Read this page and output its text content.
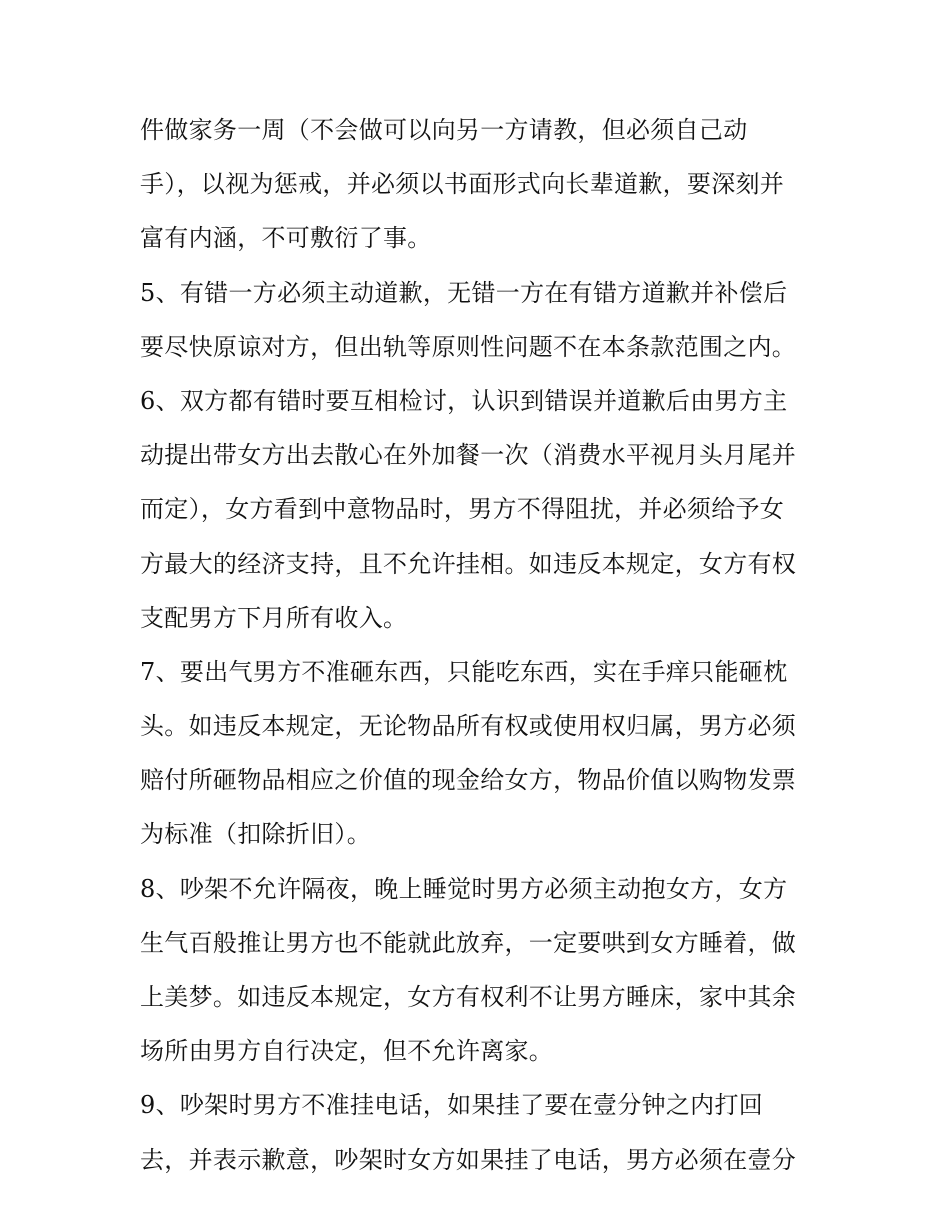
件做家务一周（不会做可以向另一方请教，但必须自己动
手），以视为惩戒，并必须以书面形式向长辈道歉，要深刻并
富有内涵，不可敷衍了事。
5、有错一方必须主动道歉，无错一方在有错方道歉并补偿后
要尽快原谅对方，但出轨等原则性问题不在本条款范围之内。
6、双方都有错时要互相检讨，认识到错误并道歉后由男方主
动提出带女方出去散心在外加餐一次（消费水平视月头月尾并
而定），女方看到中意物品时，男方不得阻扰，并必须给予女
方最大的经济支持，且不允许挂相。如违反本规定，女方有权
支配男方下月所有收入。
7、要出气男方不准砸东西，只能吃东西，实在手痒只能砸枕
头。如违反本规定，无论物品所有权或使用权归属，男方必须
赔付所砸物品相应之价值的现金给女方，物品价值以购物发票
为标准（扣除折旧）。
8、吵架不允许隔夜，晚上睡觉时男方必须主动抱女方，女方
生气百般推让男方也不能就此放弃，一定要哄到女方睡着，做
上美梦。如违反本规定，女方有权利不让男方睡床，家中其余
场所由男方自行决定，但不允许离家。
9、吵架时男方不准挂电话，如果挂了要在壹分钟之内打回
去，并表示歉意，吵架时女方如果挂了电话，男方必须在壹分
